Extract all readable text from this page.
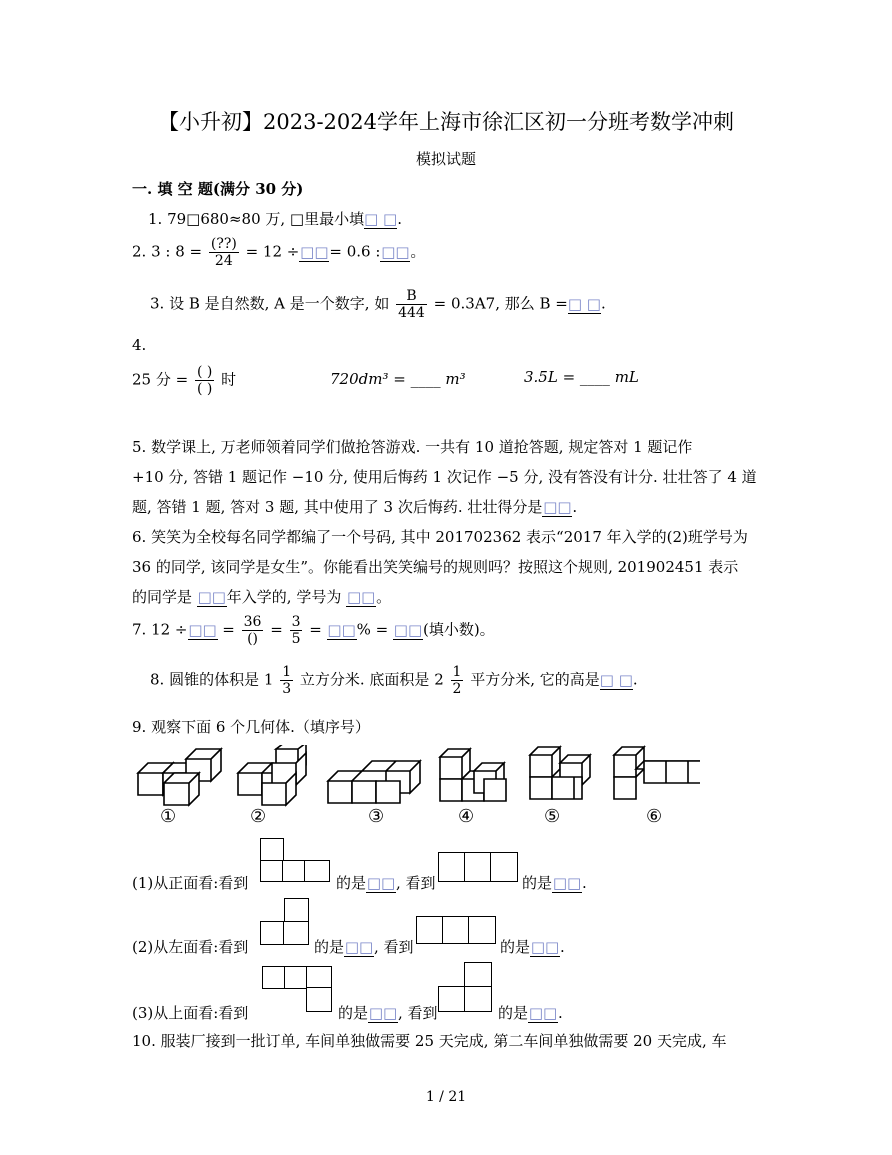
【小升初】2023-2024学年上海市徐汇区初一分班考数学冲刺
模拟试题
一. 填 空 题(满分 30 分)
1. 79□680≈80 万, □里最小填□ □.
2. 3 : $8 = \frac{(??)}{24} = 12$ ÷□□= 0.6 :□□。
3. 设 B 是自然数, A 是一个数字, 如 $\frac{B}{444} = 0.3A7$, 那么 B =□ □.
4.
25 分 = $\frac{( )}{( )}$ 时	720dm³ = ____ m³	3.5L = ____ mL
5. 数学课上, 万老师领着同学们做抢答游戏. 一共有 10 道抢答题, 规定答对 1 题记作
+10 分, 答错 1 题记作 −10 分, 使用后悔药 1 次记作 −5 分, 没有答没有计分. 壮壮答了 4 道
题, 答错 1 题, 答对 3 题, 其中使用了 3 次后悔药. 壮壮得分是□□.
6. 笑笑为全校每名同学都编了一个号码, 其中 201702362 表示“2017 年入学的(2)班学号为
36 的同学, 该同学是女生”。你能看出笑笑编号的规则吗？按照这个规则, 201902451 表示
的同学是 □□年入学的, 学号为 □□。
7. 12 ÷□□ = $\frac{36}{()} = \frac{3}{5}$ = □□% = □□(填小数)。
8. 圆锥的体积是 $1 \frac{1}{3}$ 立方分米. 底面积是 $2 \frac{1}{2}$ 平方分米, 它的高是□ □.
9. 观察下面 6 个几何体.（填序号）
①	②	③	④	⑤	⑥
(1)从正面看:看到	的是□□, 看到	的是□□.
(2)从左面看:看到	的是□□, 看到	的是□□.
(3)从上面看:看到	的是□□, 看到	的是□□.
10. 服装厂接到一批订单, 车间单独做需要 25 天完成, 第二车间单独做需要 20 天完成, 车
1 / 21
